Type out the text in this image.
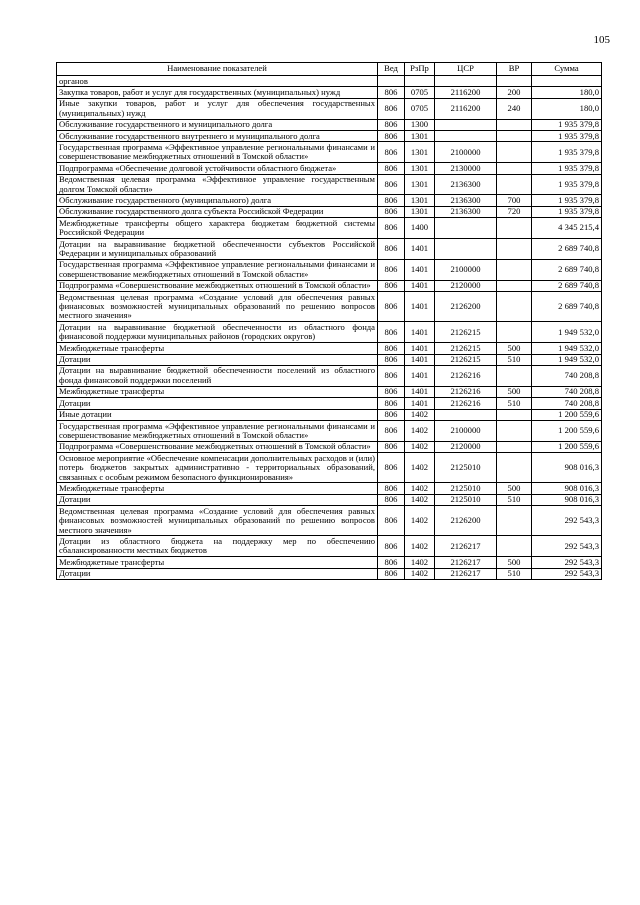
105
Наименование показателей	Вед	РзПр	ЦСР	ВР	Сумма
органов					
Закупка товаров, работ и услуг для государственных (муниципальных) нужд	806	0705	2116200	200	180,0
Иные закупки товаров, работ и услуг для обеспечения государственных (муниципальных) нужд	806	0705	2116200	240	180,0
Обслуживание государственного и муниципального долга	806	1300			1 935 379,8
Обслуживание государственного внутреннего и муниципального долга	806	1301			1 935 379,8
Государственная программа «Эффективное управление региональными финансами и совершенствование межбюджетных отношений в Томской области»	806	1301	2100000		1 935 379,8
Подпрограмма «Обеспечение долговой устойчивости областного бюджета»	806	1301	2130000		1 935 379,8
Ведомственная целевая программа «Эффективное управление государственным долгом Томской области»	806	1301	2136300		1 935 379,8
Обслуживание государственного (муниципального) долга	806	1301	2136300	700	1 935 379,8
Обслуживание государственного долга субъекта Российской Федерации	806	1301	2136300	720	1 935 379,8
Межбюджетные трансферты общего характера бюджетам бюджетной системы Российской Федерации	806	1400			4 345 215,4
Дотации на выравнивание бюджетной обеспеченности субъектов Российской Федерации и муниципальных образований	806	1401			2 689 740,8
Государственная программа «Эффективное управление региональными финансами и совершенствование межбюджетных отношений в Томской области»	806	1401	2100000		2 689 740,8
Подпрограмма «Совершенствование межбюджетных отношений в Томской области»	806	1401	2120000		2 689 740,8
Ведомственная целевая программа «Создание условий для обеспечения равных финансовых возможностей муниципальных образований по решению вопросов местного значения»	806	1401	2126200		2 689 740,8
Дотации на выравнивание бюджетной обеспеченности из областного фонда финансовой поддержки муниципальных районов (городских округов)	806	1401	2126215		1 949 532,0
Межбюджетные трансферты	806	1401	2126215	500	1 949 532,0
Дотации	806	1401	2126215	510	1 949 532,0
Дотации на выравнивание бюджетной обеспеченности поселений из областного фонда финансовой поддержки поселений	806	1401	2126216		740 208,8
Межбюджетные трансферты	806	1401	2126216	500	740 208,8
Дотации	806	1401	2126216	510	740 208,8
Иные дотации	806	1402			1 200 559,6
Государственная программа «Эффективное управление региональными финансами и совершенствование межбюджетных отношений в Томской области»	806	1402	2100000		1 200 559,6
Подпрограмма «Совершенствование межбюджетных отношений в Томской области»	806	1402	2120000		1 200 559,6
Основное мероприятие «Обеспечение компенсации дополнительных расходов и (или) потерь бюджетов закрытых административно - территориальных образований, связанных с особым режимом безопасного функционирования»	806	1402	2125010		908 016,3
Межбюджетные трансферты	806	1402	2125010	500	908 016,3
Дотации	806	1402	2125010	510	908 016,3
Ведомственная целевая программа «Создание условий для обеспечения равных финансовых возможностей муниципальных образований по решению вопросов местного значения»	806	1402	2126200		292 543,3
Дотации из областного бюджета на поддержку мер по обеспечению сбалансированности местных бюджетов	806	1402	2126217		292 543,3
Межбюджетные трансферты	806	1402	2126217	500	292 543,3
Дотации	806	1402	2126217	510	292 543,3
